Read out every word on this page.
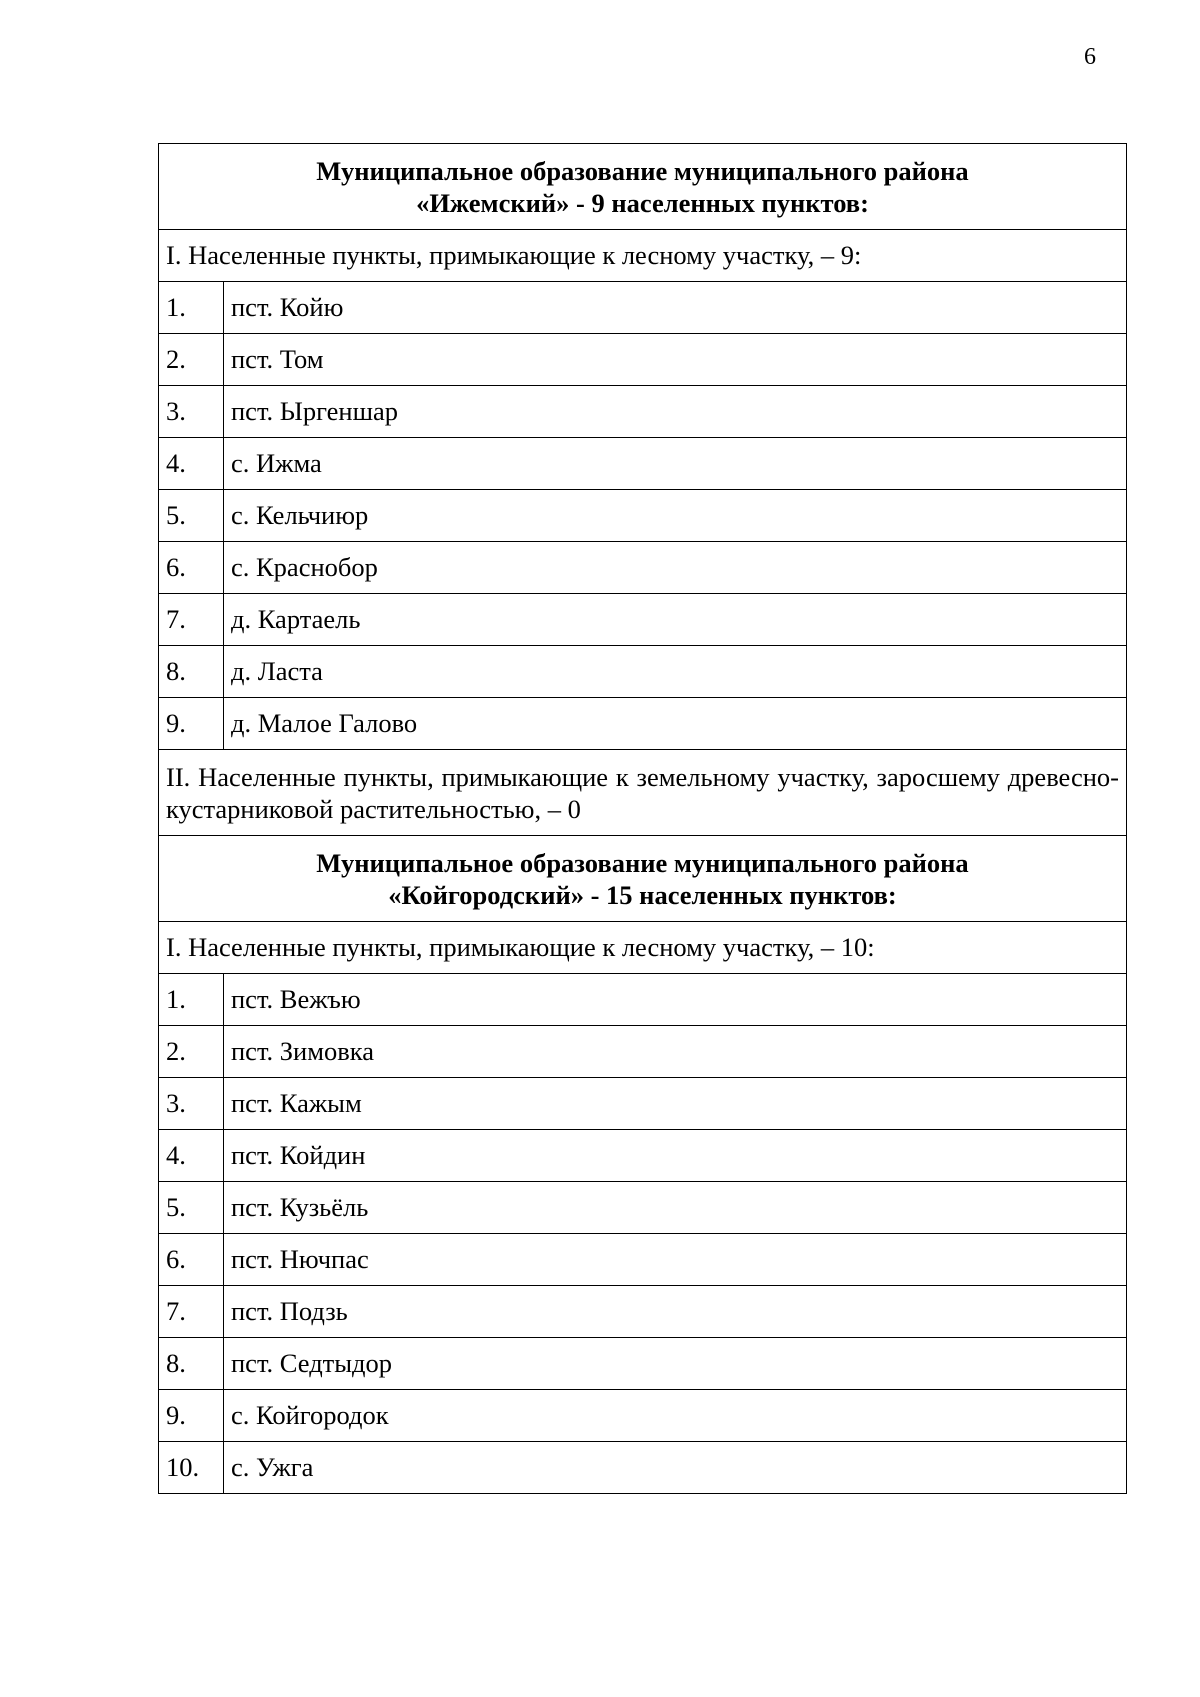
6
Муниципальное образование муниципального района
«Ижемский» - 9 населенных пунктов:	

I. Населенные пункты, примыкающие к лесному участку, – 9:	
1.	пст. Койю
2.	пст. Том
3.	пст. Ыргеншар
4.	с. Ижма
5.	с. Кельчиюр
6.	с. Краснобор
7.	д. Картаель
8.	д. Ласта
9.	д. Малое Галово
II. Населенные пункты, примыкающие к земельному участку, заросшему древесно-кустарниковой растительностью, – 0	

Муниципальное образование муниципального района
«Койгородский» - 15 населенных пунктов:	

I. Населенные пункты, примыкающие к лесному участку, – 10:	
1.	пст. Вежъю
2.	пст. Зимовка
3.	пст. Кажым
4.	пст. Койдин
5.	пст. Кузьёль
6.	пст. Нючпас
7.	пст. Подзь
8.	пст. Седтыдор
9.	с. Койгородок
10.	с. Ужга
